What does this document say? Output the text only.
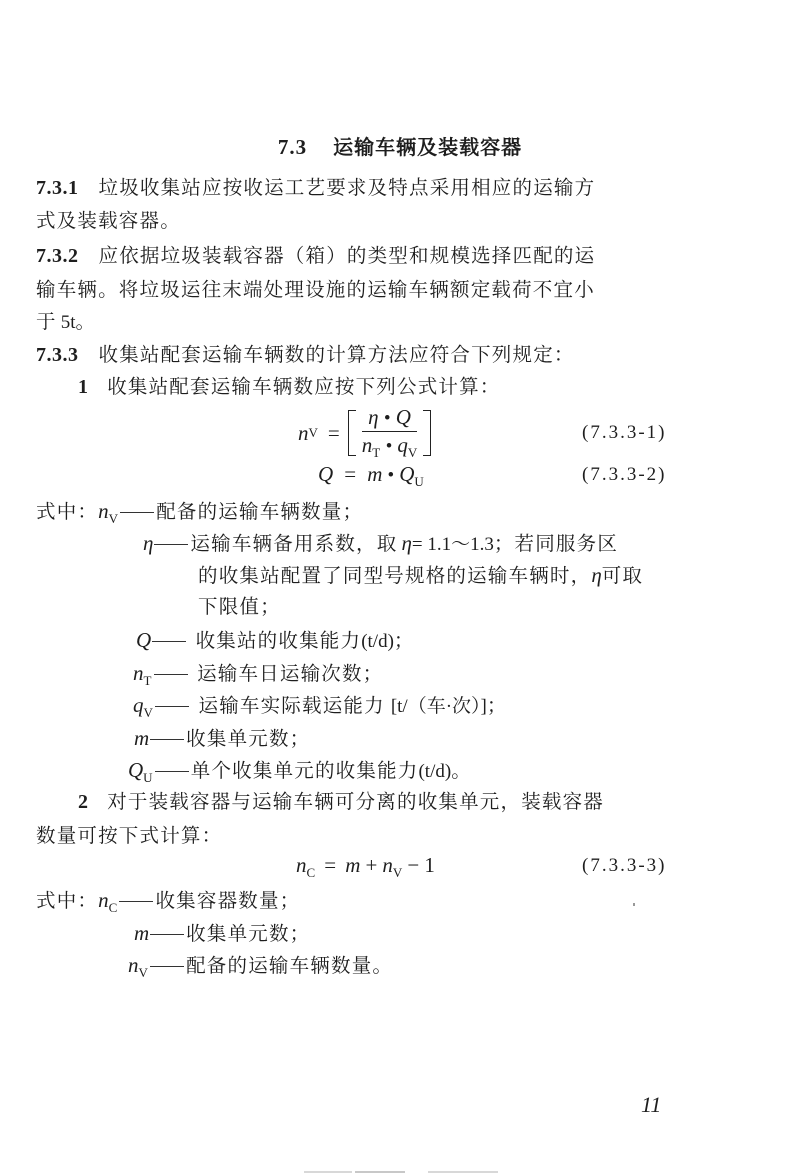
7.3 运输车辆及装载容器
7.3.1 垃圾收集站应按收运工艺要求及特点采用相应的运输方
式及装载容器。
7.3.2 应依据垃圾装载容器（箱）的类型和规模选择匹配的运
输车辆。将垃圾运往末端处理设施的运输车辆额定载荷不宜小
于 5t。
7.3.3 收集站配套运输车辆数的计算方法应符合下列规定：
1 收集站配套运输车辆数应按下列公式计算：
n $V = \frac{\eta • Q}{n_T • q_V}$	(7.3.3-1)
Q = m • $Q_U$	(7.3.3-2)
式中：$n_V$ 配备的运输车辆数量；
η 运输车辆备用系数，取 η= 1.1～1.3；若同服务区
的收集站配置了同型号规格的运输车辆时，η可取
下限值；
Q 收集站的收集能力(t/d)；
$n_T$ 运输车日运输次数；
$q_V$ 运输车实际载运能力 [t/（车·次）]；
m 收集单元数；
$Q_U$ 单个收集单元的收集能力(t/d)。
2 对于装载容器与运输车辆可分离的收集单元，装载容器
数量可按下式计算：
$n_C = m + n_V - 1$	(7.3.3-3)
式中：$n_C$ 收集容器数量；
m 收集单元数；
$n_V$ 配备的运输车辆数量。
11
